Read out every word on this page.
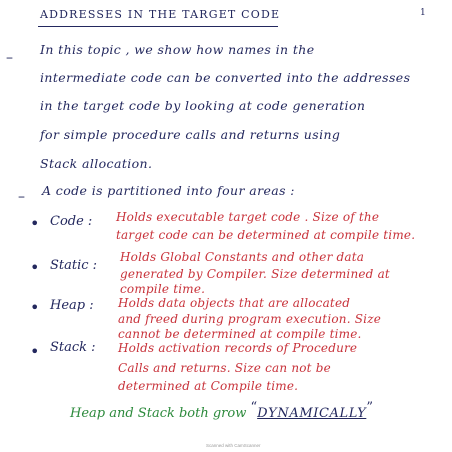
ADDRESSES IN THE TARGET CODE	1
–
In this topic , we show how names in the
intermediate code can be converted into the addresses
in the target code by looking at code generation
for simple procedure calls and returns using
Stack allocation.
– A code is partitioned into four areas :
• Code : Holds executable target code . Size of the
target code can be determined at compile time.
• Static :
Holds Global Constants and other data
generated by Compiler. Size determined at
compile time.
• Heap : Holds data objects that are allocated
and freed during program execution. Size
cannot be determined at compile time.
• Stack : Holds activation records of Procedure
Calls and returns. Size can not be
determined at Compile time.
Heap and Stack both grow “DYNAMICALLY”
Scanned with CamScanner
